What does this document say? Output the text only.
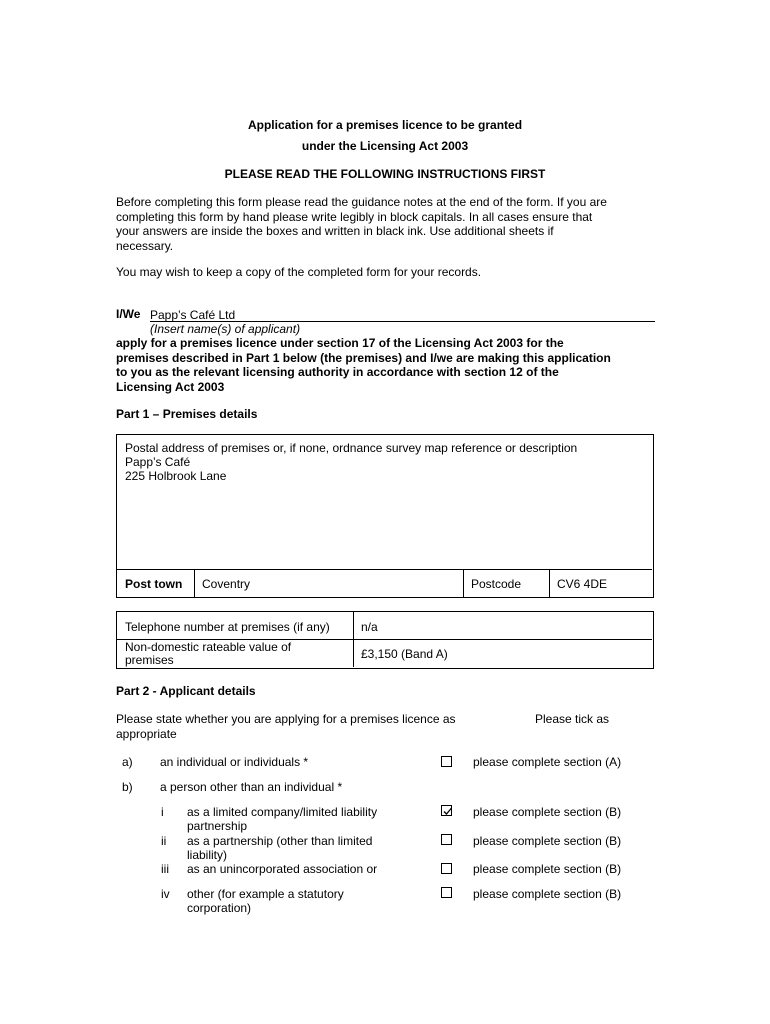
Application for a premises licence to be granted
under the Licensing Act 2003
PLEASE READ THE FOLLOWING INSTRUCTIONS FIRST
Before completing this form please read the guidance notes at the end of the form. If you are
completing this form by hand please write legibly in block capitals. In all cases ensure that
your answers are inside the boxes and written in black ink. Use additional sheets if
necessary.
You may wish to keep a copy of the completed form for your records.
I/We Papp’s Café Ltd
(Insert name(s) of applicant)
apply for a premises licence under section 17 of the Licensing Act 2003 for the
premises described in Part 1 below (the premises) and I/we are making this application
to you as the relevant licensing authority in accordance with section 12 of the
Licensing Act 2003
Part 1 – Premises details
Postal address of premises or, if none, ordnance survey map reference or description
Papp’s Café
225 Holbrook Lane
Post town Coventry	Postcode	CV6 4DE
Telephone number at premises (if any)	n/a
Non-domestic rateable value of
premises	£3,150 (Band A)
Part 2 - Applicant details
Please state whether you are applying for a premises licence as
appropriate
Please tick as
a) an individual or individuals *	please complete section (A)
b) a person other than an individual *
i as a limited company/limited liability
partnership
please complete section (B)
ii as a partnership (other than limited
liability)
please complete section (B)
iii as an unincorporated association or	please complete section (B)
iv other (for example a statutory
corporation)
please complete section (B)
